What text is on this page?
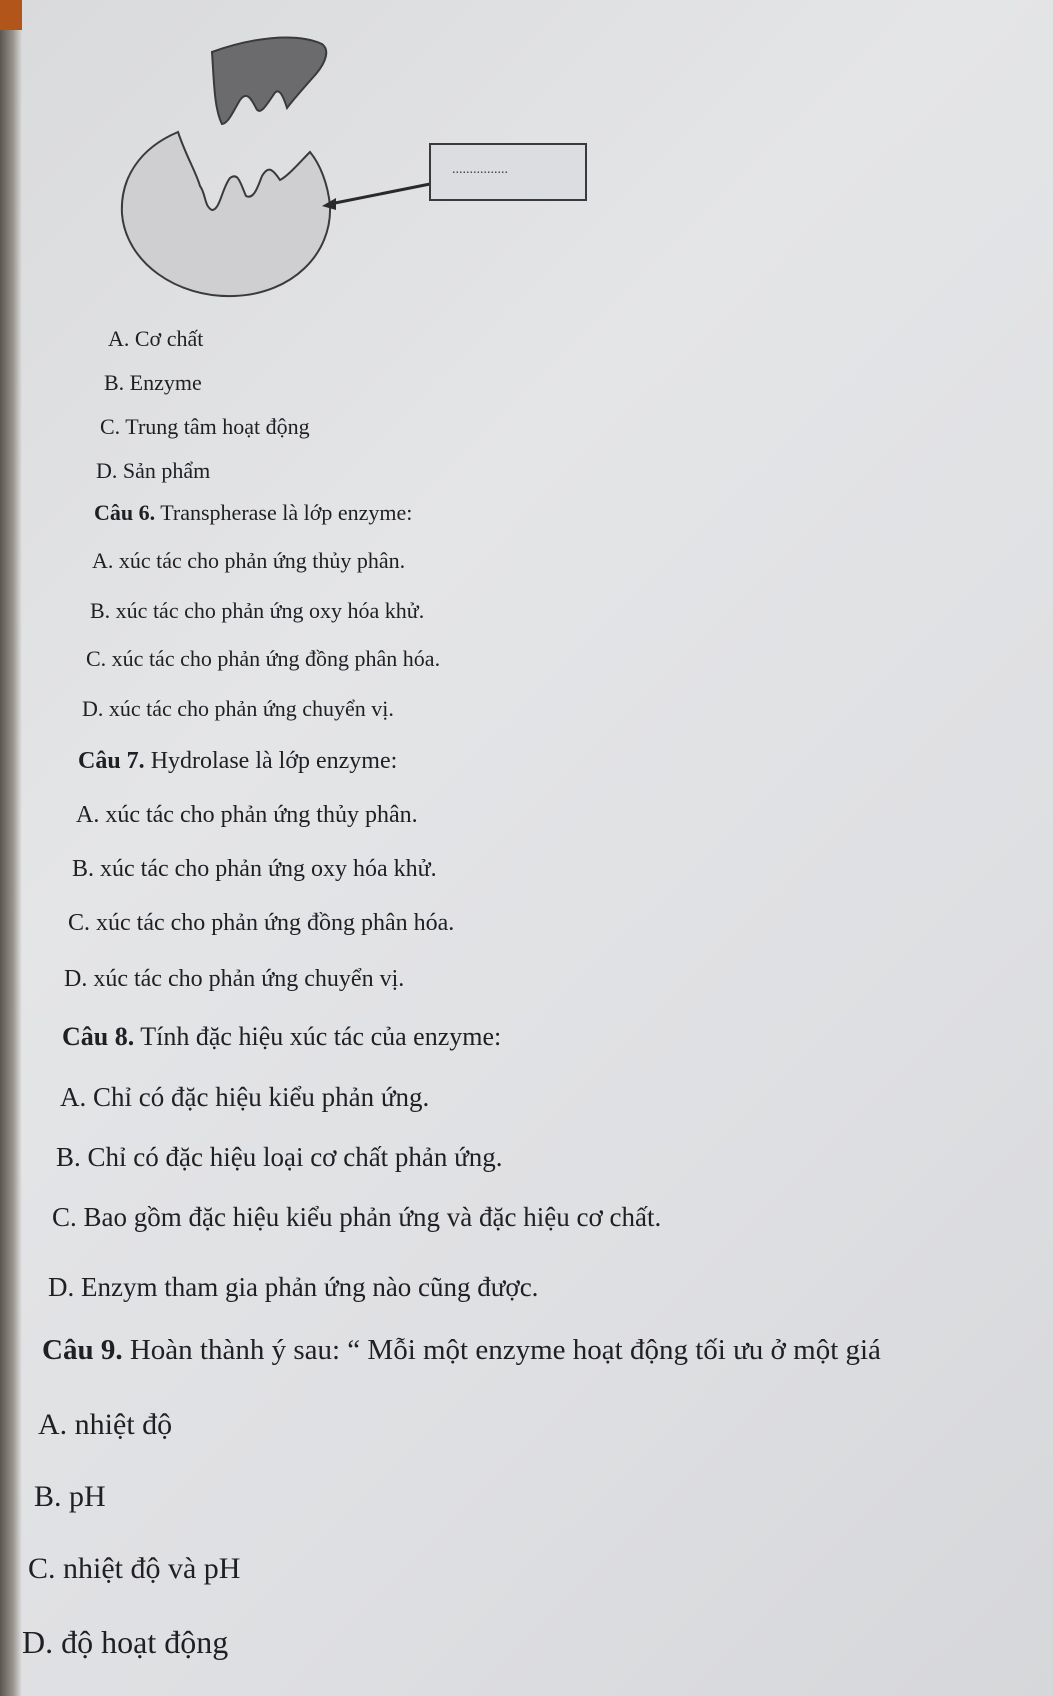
................
A. Cơ chất
B. Enzyme
C. Trung tâm hoạt động
D. Sản phẩm
Câu 6. Transpherase là lớp enzyme:
A. xúc tác cho phản ứng thủy phân.
B. xúc tác cho phản ứng oxy hóa khử.
C. xúc tác cho phản ứng đồng phân hóa.
D. xúc tác cho phản ứng chuyển vị.
Câu 7. Hydrolase là lớp enzyme:
A. xúc tác cho phản ứng thủy phân.
B. xúc tác cho phản ứng oxy hóa khử.
C. xúc tác cho phản ứng đồng phân hóa.
D. xúc tác cho phản ứng chuyển vị.
Câu 8. Tính đặc hiệu xúc tác của enzyme:
A. Chỉ có đặc hiệu kiểu phản ứng.
B. Chỉ có đặc hiệu loại cơ chất phản ứng.
C. Bao gồm đặc hiệu kiểu phản ứng và đặc hiệu cơ chất.
D. Enzym tham gia phản ứng nào cũng được.
Câu 9. Hoàn thành ý sau: “ Mỗi một enzyme hoạt động tối ưu ở một giá
A. nhiệt độ
B. pH
C. nhiệt độ và pH
D. độ hoạt động
